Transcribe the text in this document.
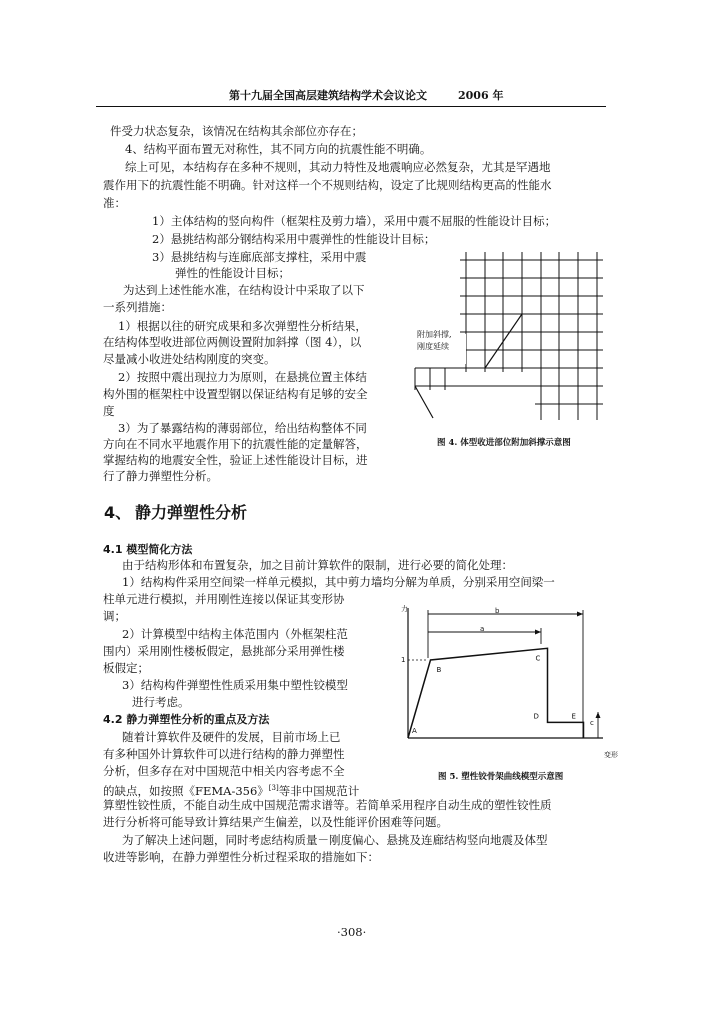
第十九届全国高层建筑结构学术会议论文	2006 年
件受力状态复杂，该情况在结构其余部位亦存在；
4、结构平面布置无对称性，其不同方向的抗震性能不明确。
综上可见，本结构存在多种不规则，其动力特性及地震响应必然复杂，尤其是罕遇地
震作用下的抗震性能不明确。针对这样一个不规则结构，设定了比规则结构更高的性能水
准：
1）主体结构的竖向构件（框架柱及剪力墙），采用中震不屈服的性能设计目标；
2）悬挑结构部分钢结构采用中震弹性的性能设计目标；
3）悬挑结构与连廊底部支撑柱，采用中震
弹性的性能设计目标；
为达到上述性能水准，在结构设计中采取了以下
一系列措施：
1）根据以往的研究成果和多次弹塑性分析结果，
在结构体型收进部位两侧设置附加斜撑（图 4），以
尽量减小收进处结构刚度的突变。
2）按照中震出现拉力为原则，在悬挑位置主体结
构外围的框架柱中设置型钢以保证结构有足够的安全
度
3）为了暴露结构的薄弱部位，给出结构整体不同
方向在不同水平地震作用下的抗震性能的定量解答，
掌握结构的地震安全性，验证上述性能设计目标，进
行了静力弹塑性分析。
附加斜撑,
刚度延续
图 4. 体型收进部位附加斜撑示意图
4、 静力弹塑性分析
4.1 模型简化方法
由于结构形体和布置复杂，加之目前计算软件的限制，进行必要的简化处理：
1）结构构件采用空间梁一样单元模拟，其中剪力墙均分解为单质，分别采用空间梁一
柱单元进行模拟，并用刚性连接以保证其变形协
调；
2）计算模型中结构主体范围内（外框架柱范
围内）采用刚性楼板假定，悬挑部分采用弹性楼
板假定；
3）结构构件弹塑性性质采用集中塑性铰模型
进行考虑。
4.2 静力弹塑性分析的重点及方法
随着计算软件及硬件的发展，目前市场上已
有多种国外计算软件可以进行结构的静力弹塑性
分析，但多存在对中国规范中相关内容考虑不全
的缺点，如按照《FEMA-356》[3]等非中国规范计
算塑性铰性质，不能自动生成中国规范需求谱等。若简单采用程序自动生成的塑性铰性质
进行分析将可能导致计算结果产生偏差，以及性能评价困难等问题。
为了解决上述问题，同时考虑结构质量－刚度偏心、悬挑及连廊结构竖向地震及体型
收进等影响，在静力弹塑性分析过程采取的措施如下：
A
B
C
D	E
力
1
变形
b
a
c
图 5. 塑性铰骨架曲线模型示意图
·308·
